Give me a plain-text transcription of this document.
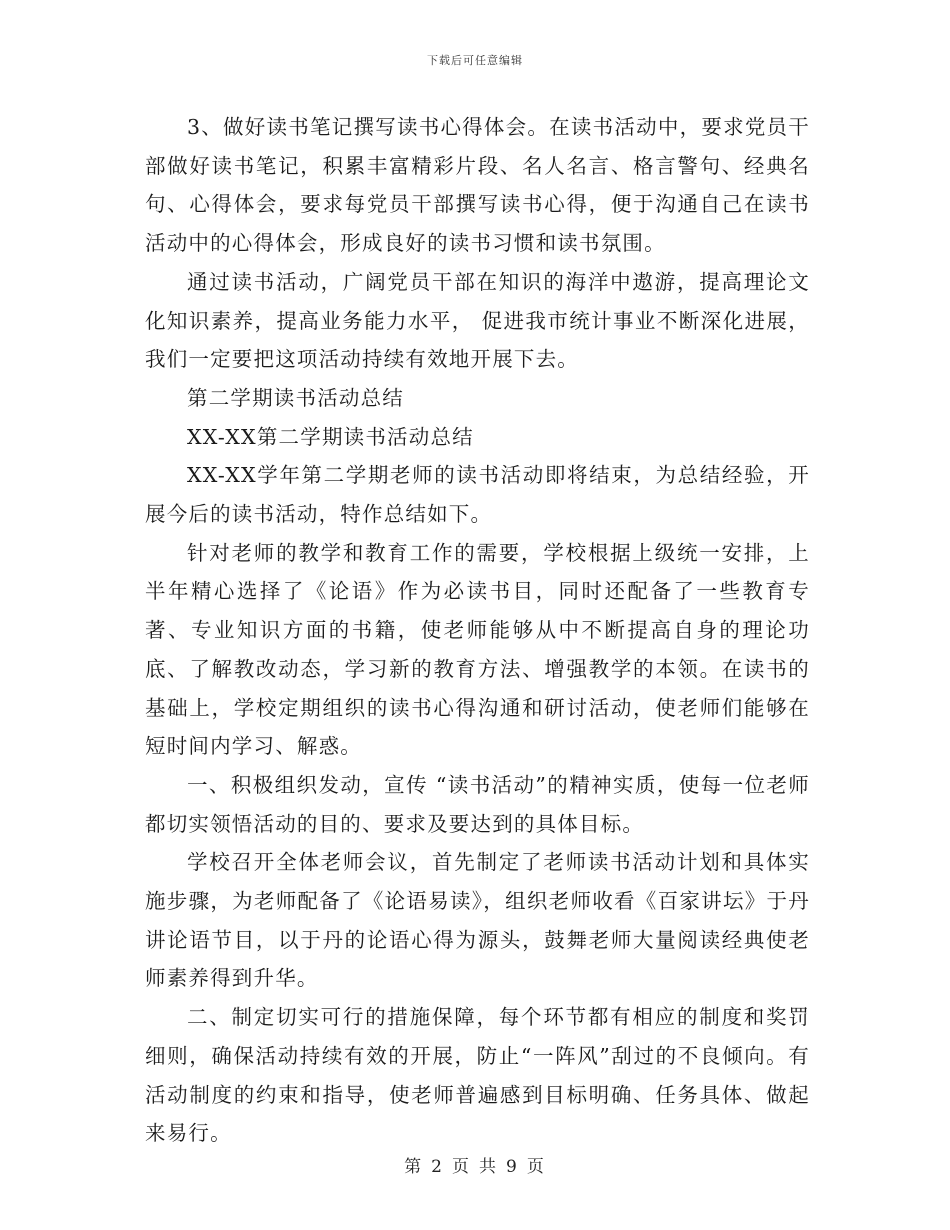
下载后可任意编辑

3、做好读书笔记撰写读书心得体会。在读书活动中，要求党员干部做好读书笔记，积累丰富精彩片段、名人名言、格言警句、经典名句、心得体会，要求每党员干部撰写读书心得，便于沟通自己在读书活动中的心得体会，形成良好的读书习惯和读书氛围。

通过读书活动，广阔党员干部在知识的海洋中遨游，提高理论文化知识素养，提高业务能力水平， 促进我市统计事业不断深化进展，我们一定要把这项活动持续有效地开展下去。

第二学期读书活动总结

XX-XX第二学期读书活动总结

XX-XX学年第二学期老师的读书活动即将结束，为总结经验，开展今后的读书活动，特作总结如下。

针对老师的教学和教育工作的需要，学校根据上级统一安排，上半年精心选择了《论语》作为必读书目，同时还配备了一些教育专著、专业知识方面的书籍，使老师能够从中不断提高自身的理论功底、了解教改动态，学习新的教育方法、增强教学的本领。在读书的基础上，学校定期组织的读书心得沟通和研讨活动，使老师们能够在短时间内学习、解惑。

一、积极组织发动，宣传 “读书活动”的精神实质，使每一位老师都切实领悟活动的目的、要求及要达到的具体目标。

学校召开全体老师会议，首先制定了老师读书活动计划和具体实施步骤，为老师配备了《论语易读》，组织老师收看《百家讲坛》于丹讲论语节目，以于丹的论语心得为源头，鼓舞老师大量阅读经典使老师素养得到升华。

二、制定切实可行的措施保障，每个环节都有相应的制度和奖罚细则，确保活动持续有效的开展，防止“一阵风”刮过的不良倾向。有活动制度的约束和指导，使老师普遍感到目标明确、任务具体、做起来易行。

第 2 页 共 9 页
